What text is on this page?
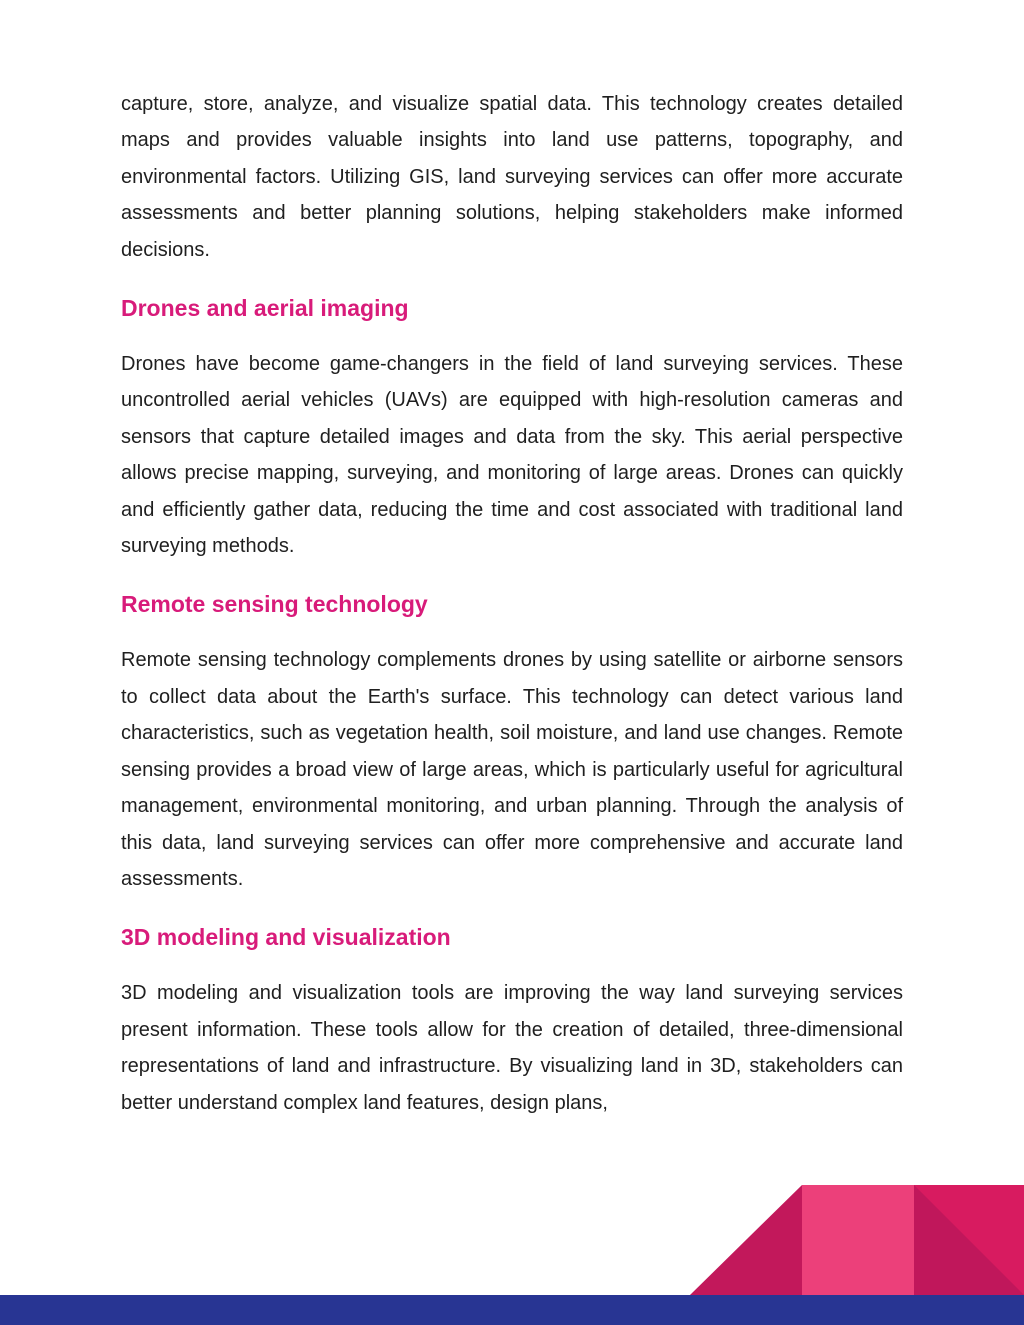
capture, store, analyze, and visualize spatial data. This technology creates detailed maps and provides valuable insights into land use patterns, topography, and environmental factors. Utilizing GIS, land surveying services can offer more accurate assessments and better planning solutions, helping stakeholders make informed decisions.

Drones and aerial imaging

Drones have become game-changers in the field of land surveying services. These uncontrolled aerial vehicles (UAVs) are equipped with high-resolution cameras and sensors that capture detailed images and data from the sky. This aerial perspective allows precise mapping, surveying, and monitoring of large areas. Drones can quickly and efficiently gather data, reducing the time and cost associated with traditional land surveying methods.

Remote sensing technology

Remote sensing technology complements drones by using satellite or airborne sensors to collect data about the Earth's surface. This technology can detect various land characteristics, such as vegetation health, soil moisture, and land use changes. Remote sensing provides a broad view of large areas, which is particularly useful for agricultural management, environmental monitoring, and urban planning. Through the analysis of this data, land surveying services can offer more comprehensive and accurate land assessments.

3D modeling and visualization

3D modeling and visualization tools are improving the way land surveying services present information. These tools allow for the creation of detailed, three-dimensional representations of land and infrastructure. By visualizing land in 3D, stakeholders can better understand complex land features, design plans,
